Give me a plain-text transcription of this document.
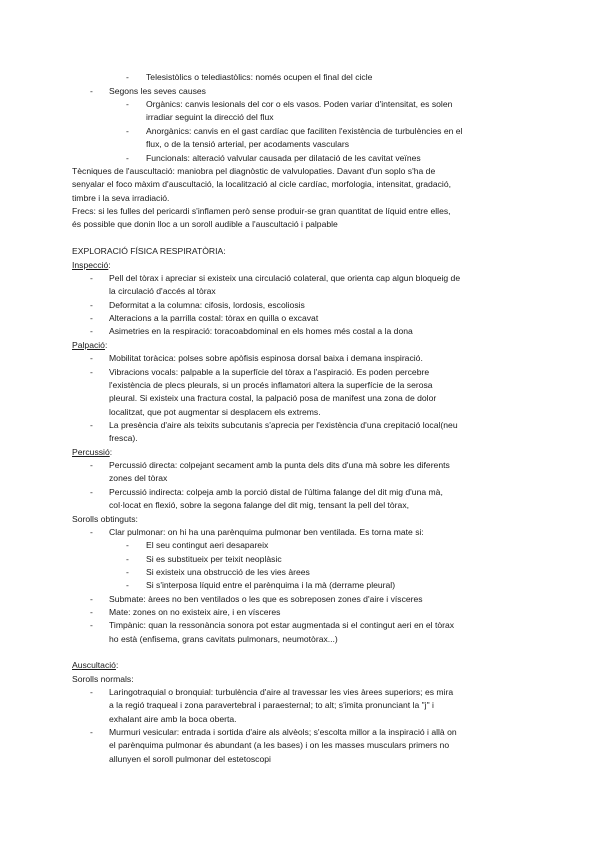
- Telesistòlics o telediastòlics: només ocupen el final del cicle
- Segons les seves causes
- Orgànics: canvis lesionals del cor o els vasos. Poden variar d'intensitat, es solen
irradiar seguint la direcció del flux
- Anorgànics: canvis en el gast cardíac que faciliten l'existència de turbulències en el
flux, o de la tensió arterial, per acodaments vasculars
- Funcionals: alteració valvular causada per dilatació de les cavitat veïnes
Tècniques de l'auscultació: maniobra pel diagnòstic de valvulopaties. Davant d'un soplo s'ha de
senyalar el foco màxim d'auscultació, la localització al cicle cardíac, morfologia, intensitat, gradació,
timbre i la seva irradiació.
Frecs: si les fulles del pericardi s'inflamen però sense produir-se gran quantitat de líquid entre elles,
és possible que donin lloc a un soroll audible a l'auscultació i palpable
EXPLORACIÓ FÍSICA RESPIRATÒRIA:
Inspecció:
- Pell del tòrax i apreciar si existeix una circulació colateral, que orienta cap algun bloqueig de
la circulació d'accés al tòrax
- Deformitat a la columna: cifosis, lordosis, escoliosis
- Alteracions a la parrilla costal: tòrax en quilla o excavat
- Asimetries en la respiració: toracoabdominal en els homes més costal a la dona
Palpació:
- Mobilitat toràcica: polses sobre apòfisis espinosa dorsal baixa i demana inspiració.
- Vibracions vocals: palpable a la superfície del tòrax a l'aspiració. Es poden percebre
l'existència de plecs pleurals, si un procés inflamatori altera la superfície de la serosa
pleural. Si existeix una fractura costal, la palpació posa de manifest una zona de dolor
localitzat, que pot augmentar si desplacem els extrems.
- La presència d'aire als teixits subcutanis s'aprecia per l'existència d'una crepitació local(neu
fresca).
Percussió:
- Percussió directa: colpejant secament amb la punta dels dits d'una mà sobre les diferents
zones del tòrax
- Percussió indirecta: colpeja amb la porció distal de l'última falange del dit mig d'una mà,
col·locat en flexió, sobre la segona falange del dit mig, tensant la pell del tòrax,
Sorolls obtinguts:
- Clar pulmonar: on hi ha una parènquima pulmonar ben ventilada. Es torna mate si:
- El seu contingut aeri desapareix
- Si es substitueix per teixit neoplàsic
- Si existeix una obstrucció de les vies àrees
- Si s'interposa líquid entre el parènquima i la mà (derrame pleural)
- Submate: àrees no ben ventilados o les que es sobreposen zones d'aire i vísceres
- Mate: zones on no existeix aire, i en vísceres
- Timpànic: quan la ressonància sonora pot estar augmentada si el contingut aeri en el tòrax
ho està (enfisema, grans cavitats pulmonars, neumotòrax...)
Auscultació:
Sorolls normals:
- Laringotraquial o bronquial: turbulència d'aire al travessar les vies àrees superiors; es mira
a la regió traqueal i zona paravertebral i paraesternal; to alt; s'imita pronunciant la "j" i
exhalant aire amb la boca oberta.
- Murmuri vesicular: entrada i sortida d'aire als alvèols; s'escolta millor a la inspiració i allà on
el parènquima pulmonar és abundant (a les bases) i on les masses musculars primers no
allunyen el soroll pulmonar del estetoscopi
